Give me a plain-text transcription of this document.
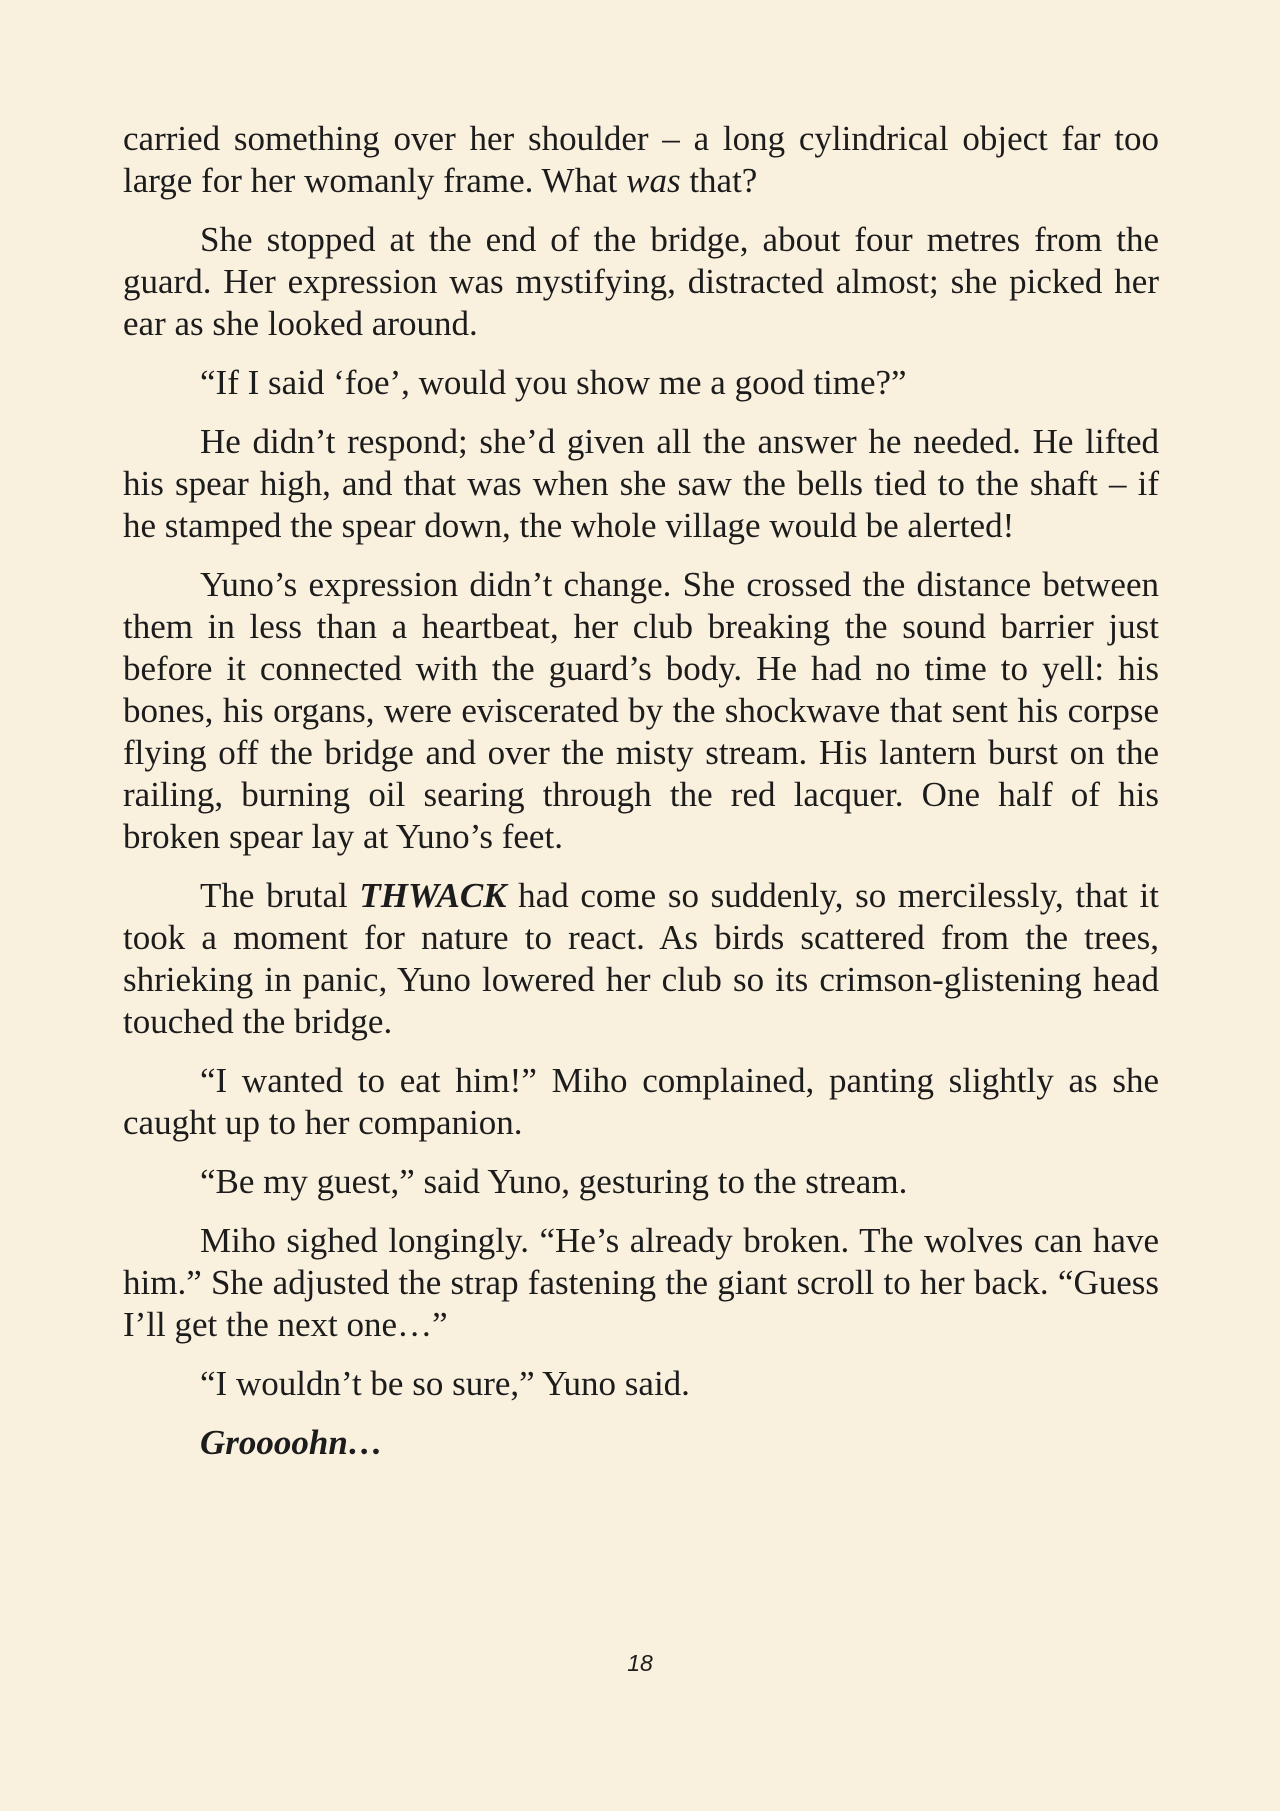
carried something over her shoulder – a long cylindrical object far too large for her womanly frame. What was that?

She stopped at the end of the bridge, about four metres from the guard. Her expression was mystifying, distracted almost; she picked her ear as she looked around.

“If I said ‘foe’, would you show me a good time?”

He didn’t respond; she’d given all the answer he needed. He lifted his spear high, and that was when she saw the bells tied to the shaft – if he stamped the spear down, the whole village would be alerted!

Yuno’s expression didn’t change. She crossed the distance between them in less than a heartbeat, her club breaking the sound barrier just before it connected with the guard’s body. He had no time to yell: his bones, his organs, were eviscerated by the shockwave that sent his corpse flying off the bridge and over the misty stream. His lantern burst on the railing, burning oil searing through the red lacquer. One half of his broken spear lay at Yuno’s feet.

The brutal THWACK had come so suddenly, so mercilessly, that it took a moment for nature to react. As birds scattered from the trees, shrieking in panic, Yuno lowered her club so its crimson-glistening head touched the bridge.

“I wanted to eat him!” Miho complained, panting slightly as she caught up to her companion.

“Be my guest,” said Yuno, gesturing to the stream.

Miho sighed longingly. “He’s already broken. The wolves can have him.” She adjusted the strap fastening the giant scroll to her back. “Guess I’ll get the next one…”

“I wouldn’t be so sure,” Yuno said.

Groooohn…

18
